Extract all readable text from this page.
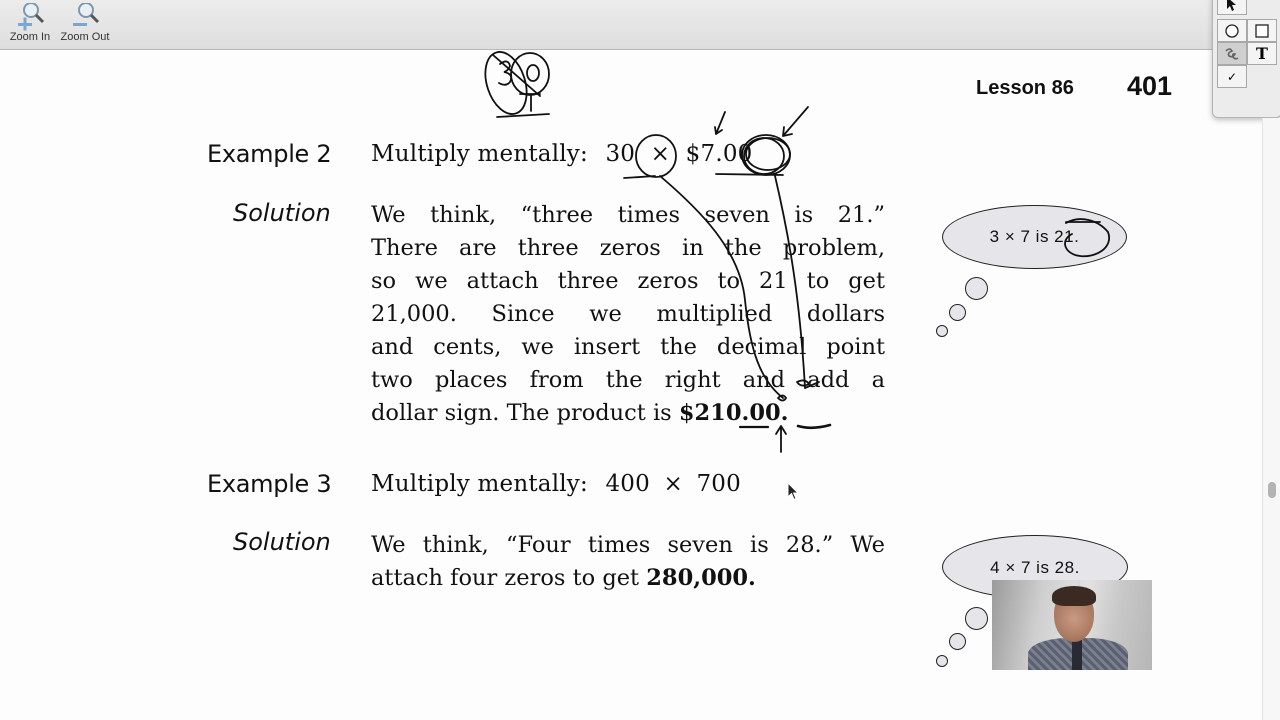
Zoom In Zoom Out
Lesson 86 401
Example 2 Multiply mentally: 30 × $7.00
Solution We think, “three times seven is 21.”
There are three zeros in the problem,
so we attach three zeros to 21 to get
21,000. Since we multiplied dollars
and cents, we insert the decimal point
two places from the right and add a
dollar sign. The product is $210.00.
3 × 7 is 21.
Example 3 Multiply mentally: 400 × 700
Solution We think, “Four times seven is 28.” We
attach four zeros to get 280,000.	4 × 7 is 28.
T
✓
